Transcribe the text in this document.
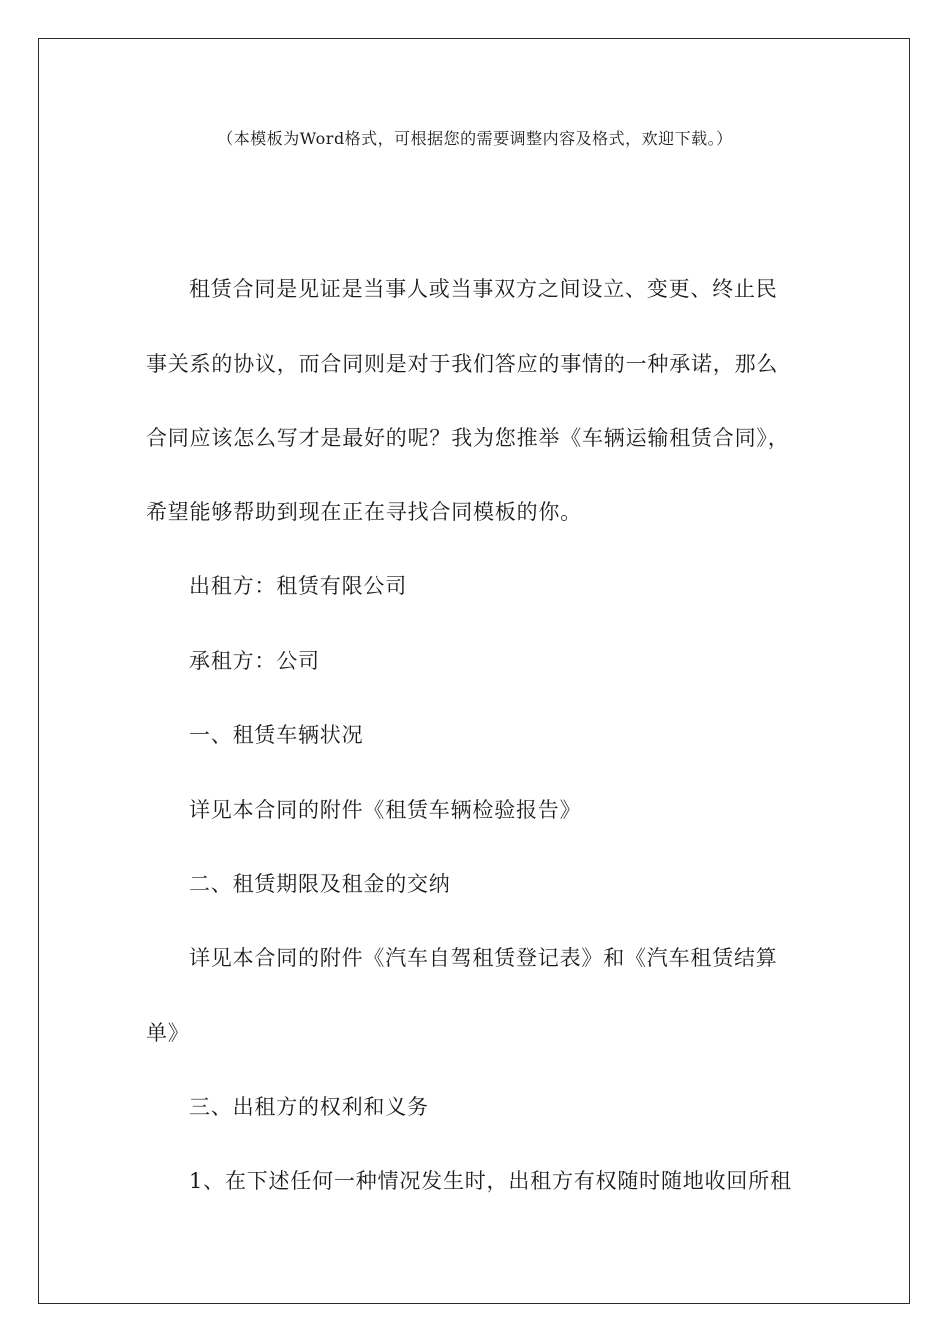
（本模板为Word格式，可根据您的需要调整内容及格式，欢迎下载。）
租赁合同是见证是当事人或当事双方之间设立、变更、终止民
事关系的协议，而合同则是对于我们答应的事情的一种承诺，那么
合同应该怎么写才是最好的呢？我为您推举《车辆运输租赁合同》，
希望能够帮助到现在正在寻找合同模板的你。
出租方：租赁有限公司
承租方：公司
一、租赁车辆状况
详见本合同的附件《租赁车辆检验报告》
二、租赁期限及租金的交纳
详见本合同的附件《汽车自驾租赁登记表》和《汽车租赁结算
单》
三、出租方的权利和义务
1、在下述任何一种情况发生时，出租方有权随时随地收回所租
